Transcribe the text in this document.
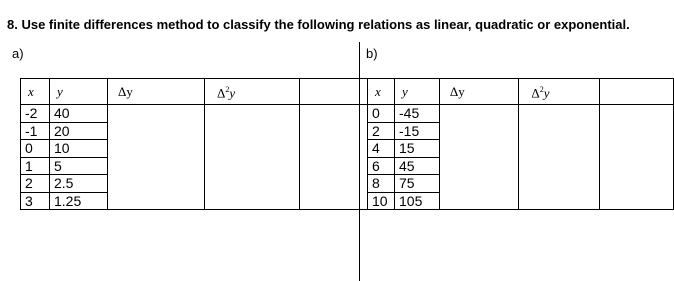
8. Use finite differences method to classify the following relations as linear, quadratic or exponential.
a)	b)
x	y	Δy	$\Delta^2y$	
-2	40			
-1	20			
0	10			
1	5			
2	2.5			
3	1.25			
x	y	Δy	$\Delta^2y$	
0	-45			
2	-15			
4	15			
6	45			
8	75			
10	105			
